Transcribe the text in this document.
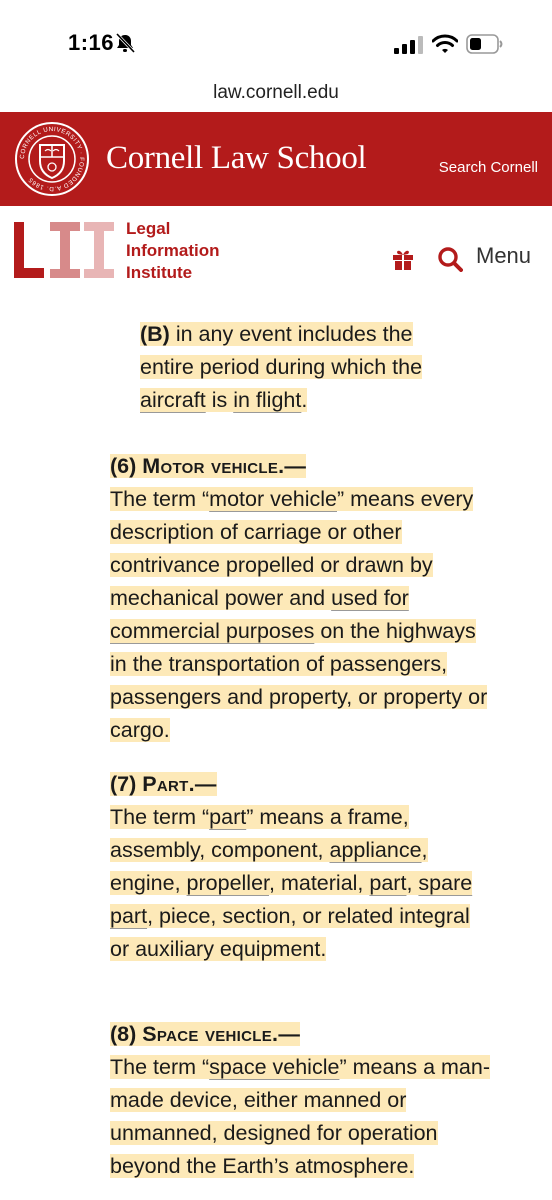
1:16
law.cornell.edu
CORNELL UNIVERSITY · FOUNDED A.D. 1865
Cornell Law School	Search Cornell
Legal
Information
Institute
Menu
(B) in any event includes the entire period during which the aircraft is in flight.
(6) Motor vehicle.—
The term “motor vehicle” means every description of carriage or other contrivance propelled or drawn by mechanical power and used for commercial purposes on the highways in the transportation of passengers, passengers and property, or property or cargo.
(7) Part.—
The term “part” means a frame, assembly, component, appliance, engine, propeller, material, part, spare part, piece, section, or related integral or auxiliary equipment.
(8) Space vehicle.—
The term “space vehicle” means a man-made device, either manned or unmanned, designed for operation beyond the Earth’s atmosphere.
